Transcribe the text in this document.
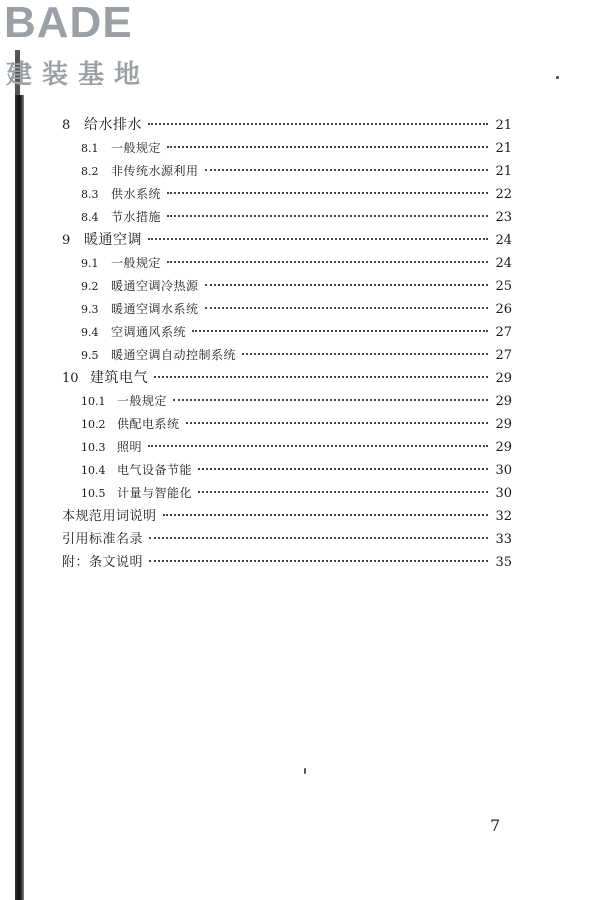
BADE
建装基地
8 给水排水	21
8.1	一般规定	21
8.2	非传统水源利用	21
8.3	供水系统	22
8.4	节水措施	23
9 暖通空调	24
9.1	一般规定	24
9.2	暖通空调冷热源	25
9.3	暖通空调水系统	26
9.4	空调通风系统	27
9.5	暖通空调自动控制系统	27
10 建筑电气	29
10.1 一般规定	29
10.2 供配电系统	29
10.3 照明	29
10.4 电气设备节能	30
10.5 计量与智能化	30
本规范用词说明	32
引用标准名录	33
附：条文说明	35
7
